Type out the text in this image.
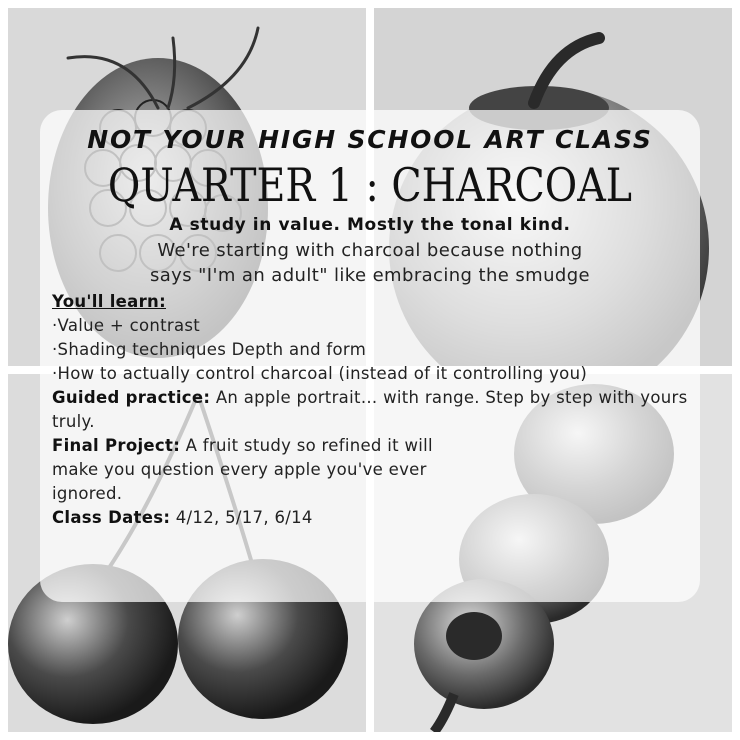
NOT YOUR HIGH SCHOOL ART CLASS
QUARTER 1 : CHARCOAL
A study in value. Mostly the tonal kind.
We're starting with charcoal because nothing
says "I'm an adult" like embracing the smudge

You'll learn:

·Value + contrast

·Shading techniques Depth and form

·How to actually control charcoal (instead of it controlling you)

Guided practice: An apple portrait… with range. Step by step with yours truly.

Final Project: A fruit study so refined it will

make you question every apple you've ever

ignored.

Class Dates: 4/12, 5/17, 6/14
